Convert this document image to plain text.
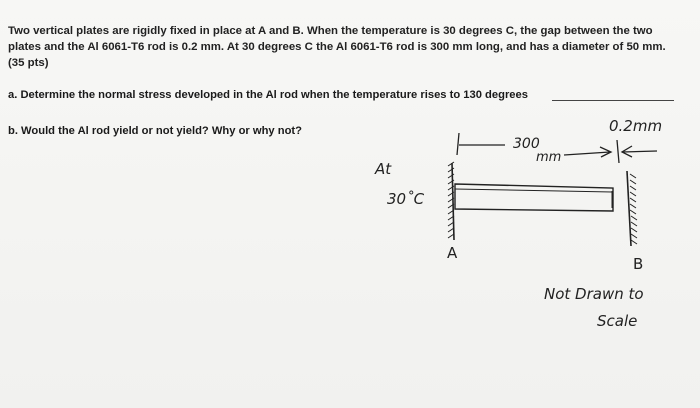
Two vertical plates are rigidly fixed in place at A and B. When the temperature is 30 degrees C, the gap between the two
plates and the Al 6061-T6 rod is 0.2 mm. At 30 degrees C the Al 6061-T6 rod is 300 mm long, and has a diameter of 50 mm.
(35 pts)
a. Determine the normal stress developed in the Al rod when the temperature rises to 130 degrees
b. Would the Al rod yield or not yield? Why or why not?	0.2mm
300
mm
At
30˚C
A
B
Not Drawn to
Scale
